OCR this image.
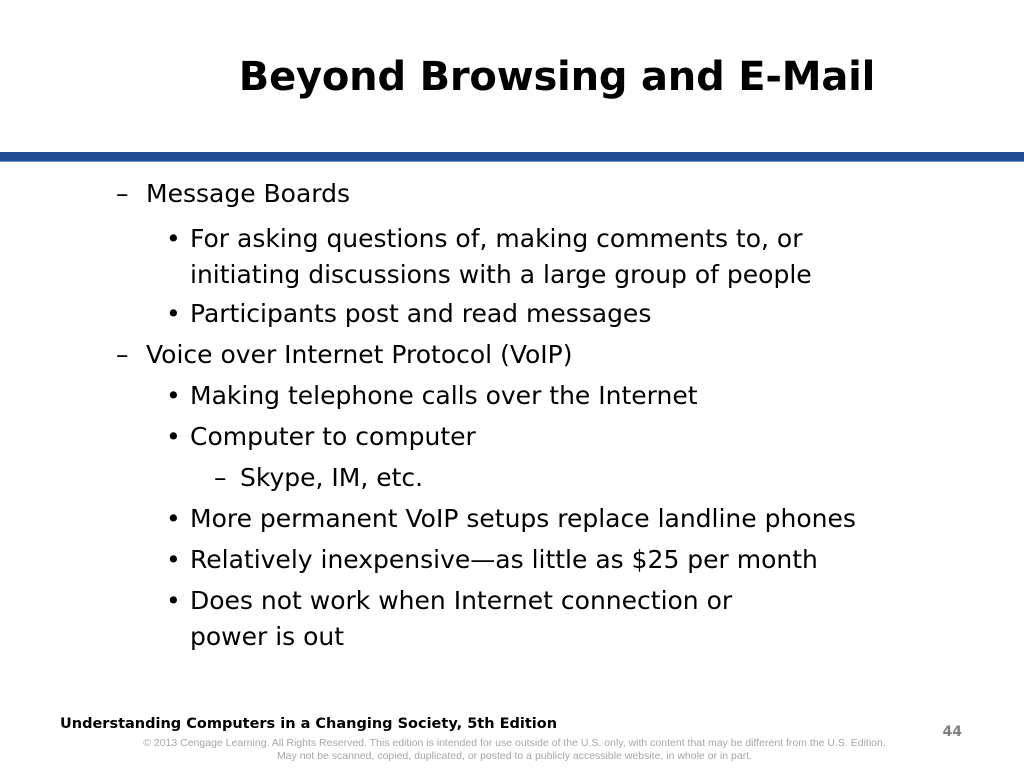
Beyond Browsing and E-Mail
– Message Boards
• For asking questions of, making comments to, or
initiating discussions with a large group of people
• Participants post and read messages
– Voice over Internet Protocol (VoIP)
• Making telephone calls over the Internet
• Computer to computer
– Skype, IM, etc.
• More permanent VoIP setups replace landline phones
• Relatively inexpensive—as little as $25 per month
• Does not work when Internet connection or
power is out
Understanding Computers in a Changing Society, 5th Edition	44
© 2013 Cengage Learning. All Rights Reserved. This edition is intended for use outside of the U.S. only, with content that may be different from the U.S. Edition.
May not be scanned, copied, duplicated, or posted to a publicly accessible website, in whole or in part.
